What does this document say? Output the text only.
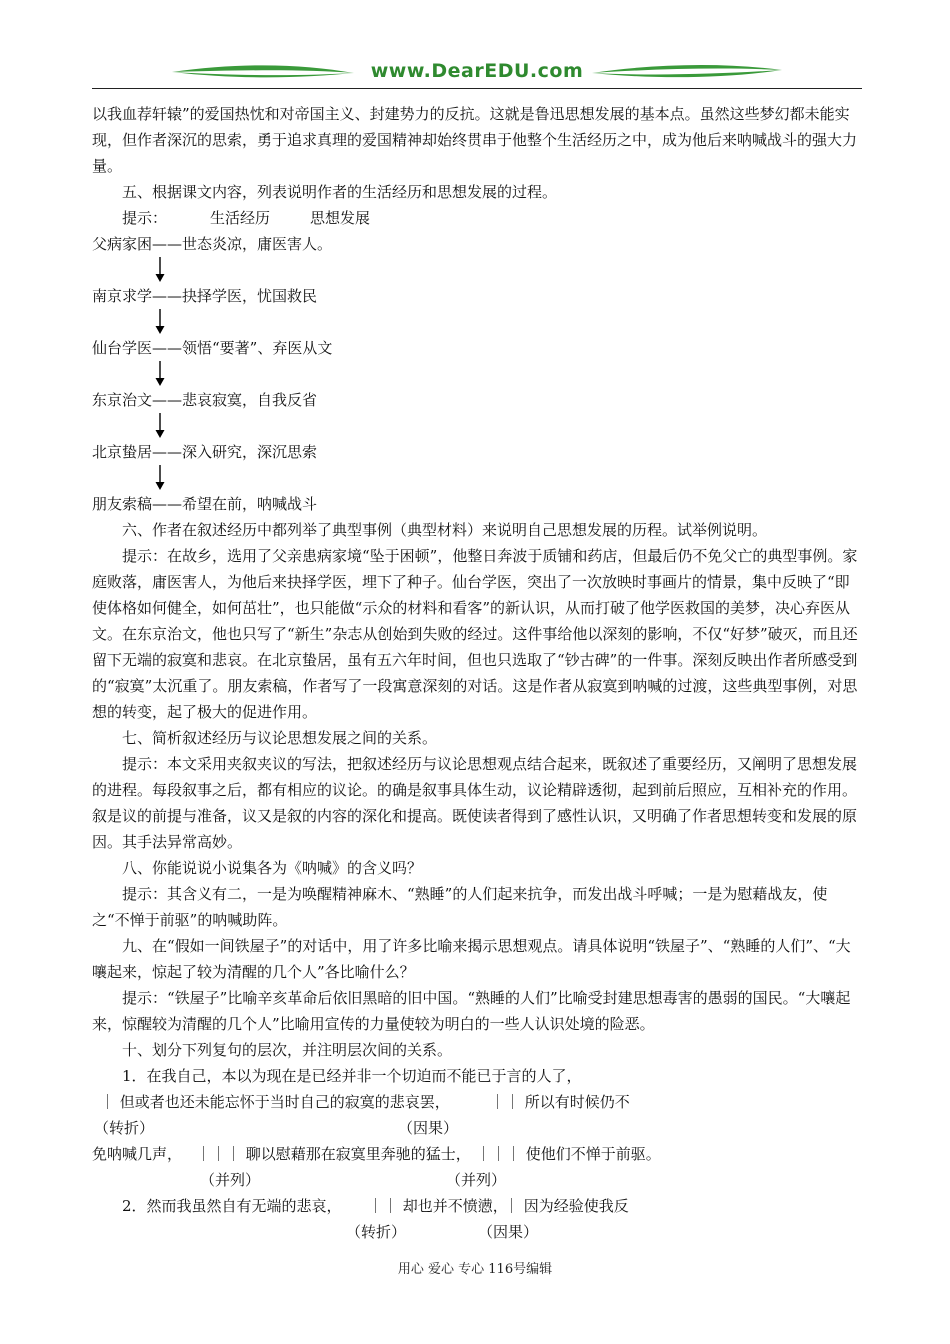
www.DearEDU.com

以我血荐轩辕”的爱国热忱和对帝国主义、封建势力的反抗。这就是鲁迅思想发展的基本点。虽然这些梦幻都未能实现，但作者深沉的思索，勇于追求真理的爱国精神却始终贯串于他整个生活经历之中，成为他后来呐喊战斗的强大力量。

五、根据课文内容，列表说明作者的生活经历和思想发展的过程。

提示：	生活经历	思想发展

父病家困——世态炎凉，庸医害人。

南京求学——抉择学医，忧国救民

仙台学医——领悟“要著”、弃医从文

东京治文——悲哀寂寞，自我反省

北京蛰居——深入研究，深沉思索

朋友索稿——希望在前，呐喊战斗

六、作者在叙述经历中都列举了典型事例（典型材料）来说明自己思想发展的历程。试举例说明。

提示：在故乡，选用了父亲患病家境“坠于困顿”，他整日奔波于质铺和药店，但最后仍不免父亡的典型事例。家庭败落，庸医害人，为他后来抉择学医，埋下了种子。仙台学医，突出了一次放映时事画片的情景，集中反映了“即使体格如何健全，如何茁壮”，也只能做“示众的材料和看客”的新认识，从而打破了他学医救国的美梦，决心弃医从文。在东京治文，他也只写了“新生”杂志从创始到失败的经过。这件事给他以深刻的影响，不仅“好梦”破灭，而且还留下无端的寂寞和悲哀。在北京蛰居，虽有五六年时间，但也只选取了“钞古碑”的一件事。深刻反映出作者所感受到的“寂寞”太沉重了。朋友索稿，作者写了一段寓意深刻的对话。这是作者从寂寞到呐喊的过渡，这些典型事例，对思想的转变，起了极大的促进作用。

七、简析叙述经历与议论思想发展之间的关系。

提示：本文采用夹叙夹议的写法，把叙述经历与议论思想观点结合起来，既叙述了重要经历，又阐明了思想发展的进程。每段叙事之后，都有相应的议论。的确是叙事具体生动，议论精辟透彻，起到前后照应，互相补充的作用。叙是议的前提与准备，议又是叙的内容的深化和提高。既使读者得到了感性认识，又明确了作者思想转变和发展的原因。其手法异常高妙。

八、你能说说小说集各为《呐喊》的含义吗？

提示：其含义有二，一是为唤醒精神麻木、“熟睡”的人们起来抗争，而发出战斗呼喊；一是为慰藉战友，使之“不惮于前驱”的呐喊助阵。

九、在“假如一间铁屋子”的对话中，用了许多比喻来揭示思想观点。请具体说明“铁屋子”、“熟睡的人们”、“大嚷起来，惊起了较为清醒的几个人”各比喻什么？

提示：“铁屋子”比喻辛亥革命后依旧黑暗的旧中国。“熟睡的人们”比喻受封建思想毒害的愚弱的国民。“大嚷起来，惊醒较为清醒的几个人”比喻用宣传的力量使较为明白的一些人认识处境的险恶。

十、划分下列复句的层次，并注明层次间的关系。

1．在我自己，本以为现在是已经并非一个切迫而不能已于言的人了，

｜ 但或者也还未能忘怀于当时自己的寂寞的悲哀罢，	｜｜ 所以有时候仍不
（转折）	（因果）
免呐喊几声， ｜｜｜ 聊以慰藉那在寂寞里奔驰的猛士， ｜｜｜ 使他们不惮于前驱。
（并列）	（并列）
2．然而我虽然自有无端的悲哀， ｜｜ 却也并不愤懑，
｜ 因为经验使我反
（转折）	（因果）
用心 爱心 专心 116号编辑
